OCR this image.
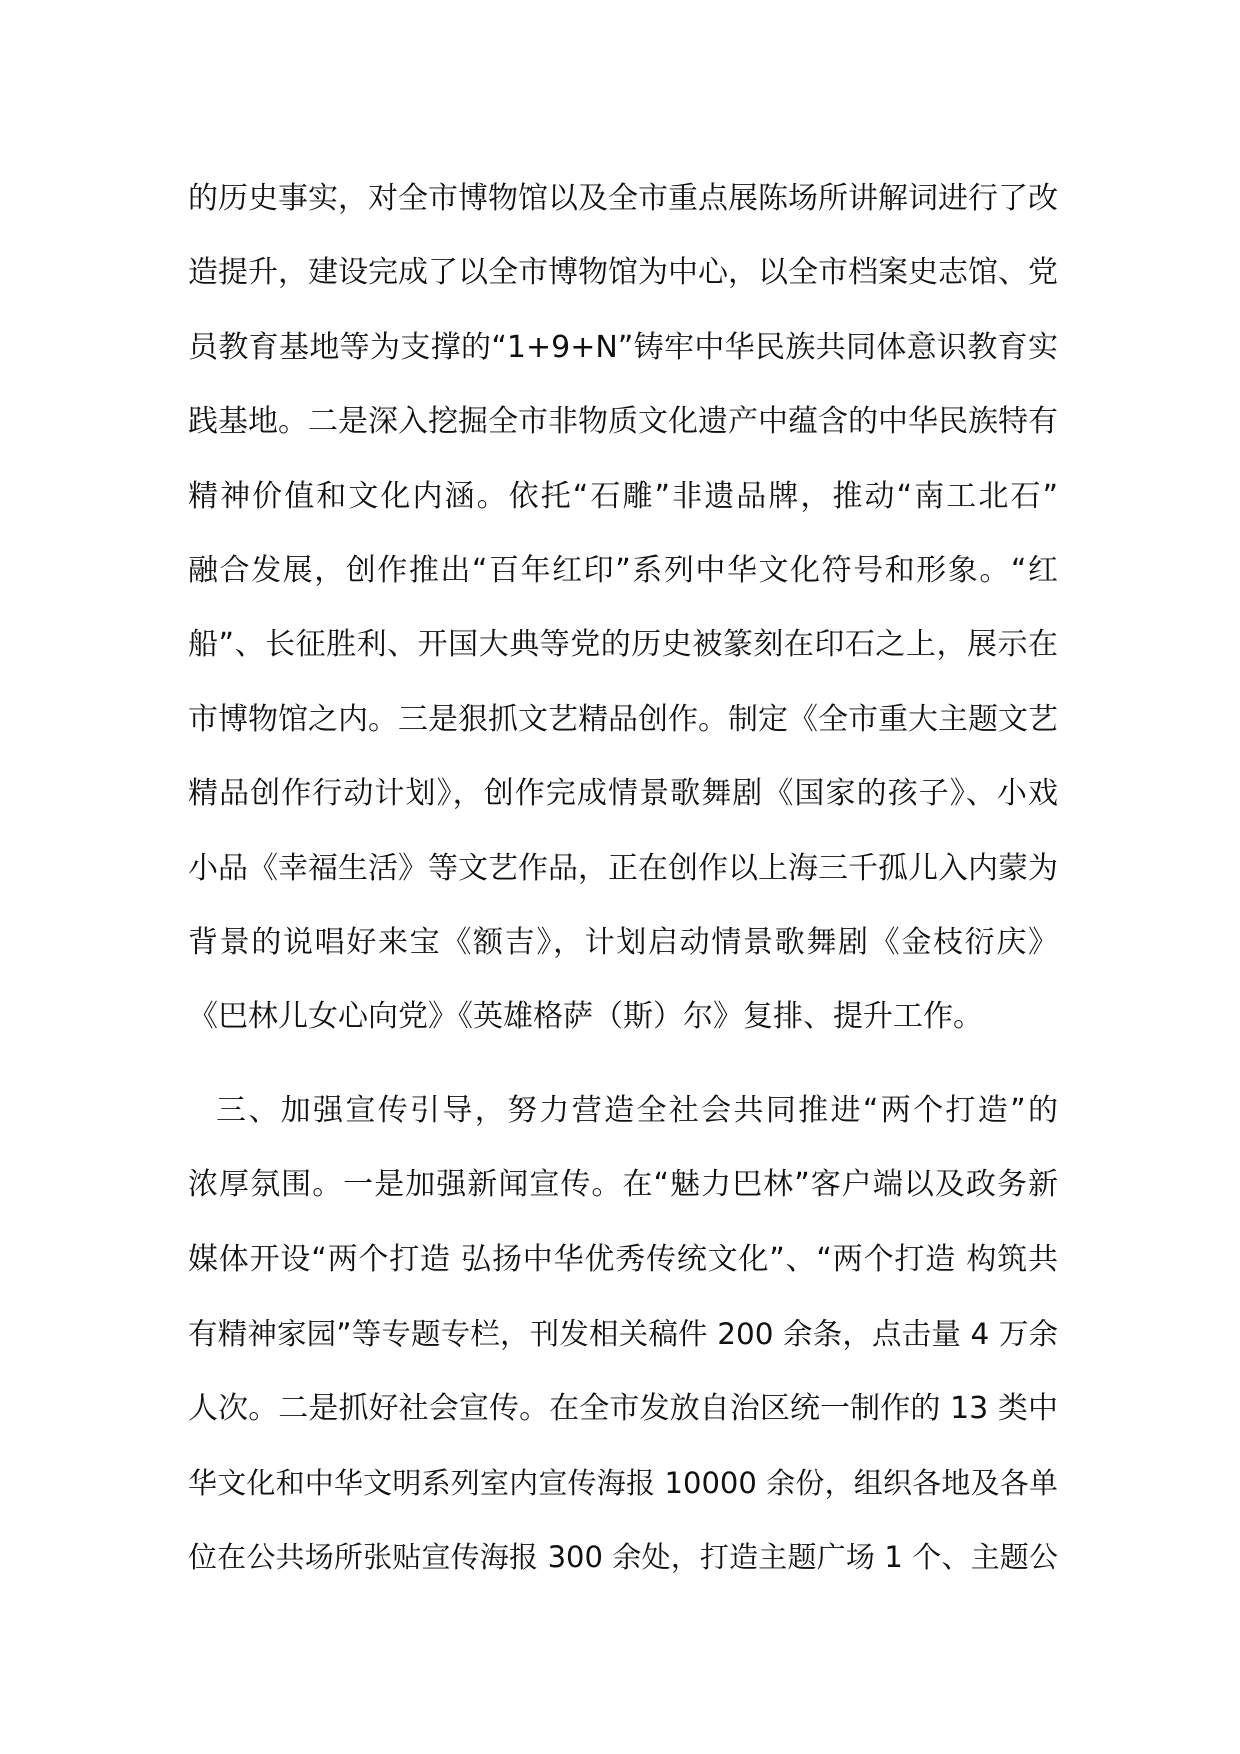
的历史事实，对全市博物馆以及全市重点展陈场所讲解词进行了改
造提升，建设完成了以全市博物馆为中心，以全市档案史志馆、党
员教育基地等为支撑的“1+9+N”铸牢中华民族共同体意识教育实
践基地。二是深入挖掘全市非物质文化遗产中蕴含的中华民族特有
精神价值和文化内涵。依托“石雕”非遗品牌，推动“南工北石”
融合发展，创作推出“百年红印”系列中华文化符号和形象。“红
船”、长征胜利、开国大典等党的历史被篆刻在印石之上，展示在
市博物馆之内。三是狠抓文艺精品创作。制定《全市重大主题文艺
精品创作行动计划》，创作完成情景歌舞剧《国家的孩子》、小戏
小品《幸福生活》等文艺作品，正在创作以上海三千孤儿入内蒙为
背景的说唱好来宝《额吉》，计划启动情景歌舞剧《金枝衍庆》
《巴林儿女心向党》《英雄格萨（斯）尔》复排、提升工作。
三、加强宣传引导，努力营造全社会共同推进“两个打造”的
浓厚氛围。一是加强新闻宣传。在“魅力巴林”客户端以及政务新
媒体开设“两个打造 弘扬中华优秀传统文化”、“两个打造 构筑共
有精神家园”等专题专栏，刊发相关稿件 200 余条，点击量 4 万余
人次。二是抓好社会宣传。在全市发放自治区统一制作的 13 类中
华文化和中华文明系列室内宣传海报 10000 余份，组织各地及各单
位在公共场所张贴宣传海报 300 余处，打造主题广场 1 个、主题公
